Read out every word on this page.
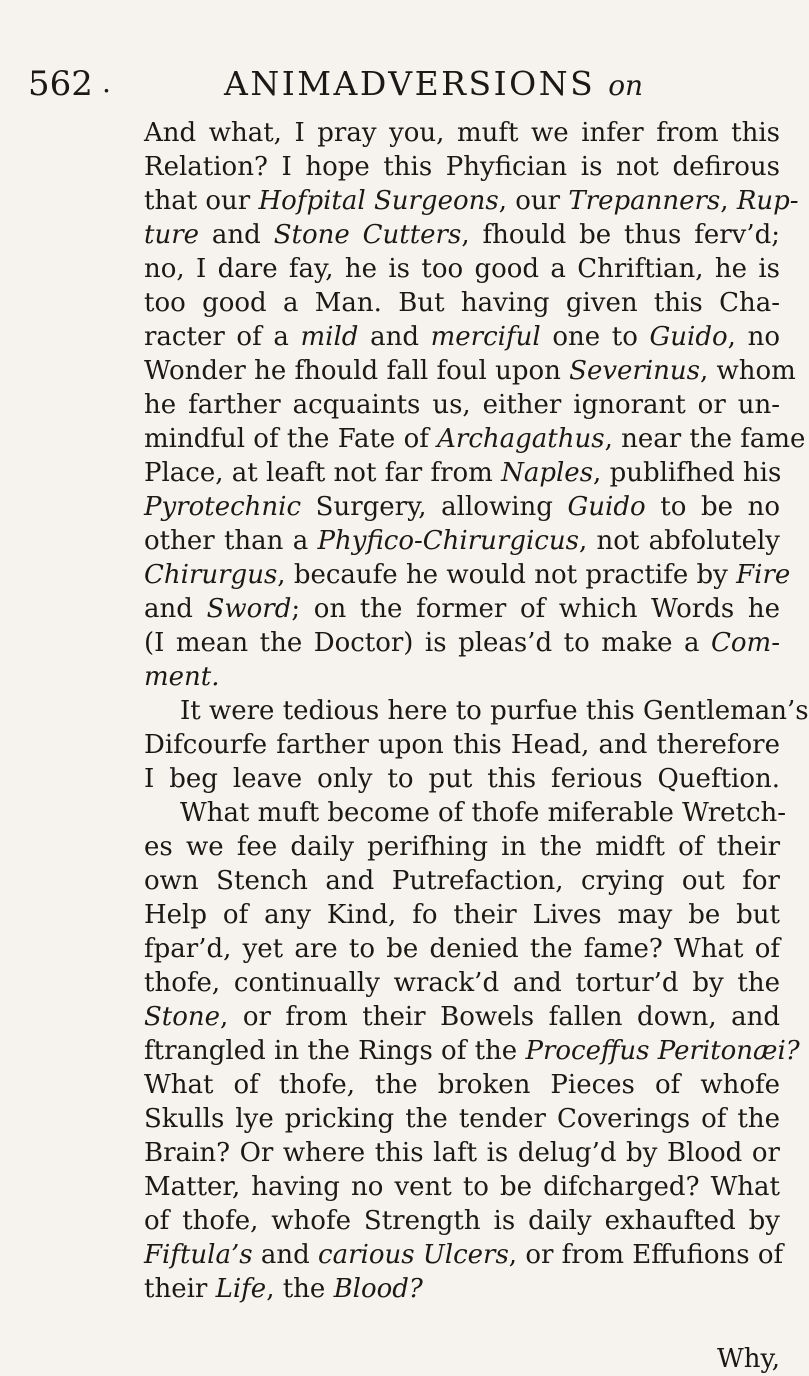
562 .	ANIMADVERSIONS on
And what, I pray you, muft we infer from this
Relation? I hope this Phyfician is not defirous
that our Hofpital Surgeons, our Trepanners, Rup-
ture and Stone Cutters, fhould be thus ferv’d;
no, I dare fay, he is too good a Chriftian, he is
too good a Man. But having given this Cha-
racter of a mild and merciful one to Guido, no
Wonder he fhould fall foul upon Severinus, whom
he farther acquaints us, either ignorant or un-
mindful of the Fate of Archagathus, near the fame
Place, at leaft not far from Naples, publifhed his
Pyrotechnic Surgery, allowing Guido to be no
other than a Phyfico-Chirurgicus, not abfolutely
Chirurgus, becaufe he would not practife by Fire
and Sword; on the former of which Words he
(I mean the Doctor) is pleas’d to make a Com-
ment.
It were tedious here to purfue this Gentleman’s
Difcourfe farther upon this Head, and therefore
I beg leave only to put this ferious Queftion.
What muft become of thofe miferable Wretch-
es we fee daily perifhing in the midft of their
own Stench and Putrefaction, crying out for
Help of any Kind, fo their Lives may be but
fpar’d, yet are to be denied the fame? What of
thofe, continually wrack’d and tortur’d by the
Stone, or from their Bowels fallen down, and
ftrangled in the Rings of the Proceffus Peritonæi?
What of thofe, the broken Pieces of whofe
Skulls lye pricking the tender Coverings of the
Brain? Or where this laft is delug’d by Blood or
Matter, having no vent to be difcharged? What
of thofe, whofe Strength is daily exhaufted by
Fiftula’s and carious Ulcers, or from Effufions of
their Life, the Blood?
Why,
